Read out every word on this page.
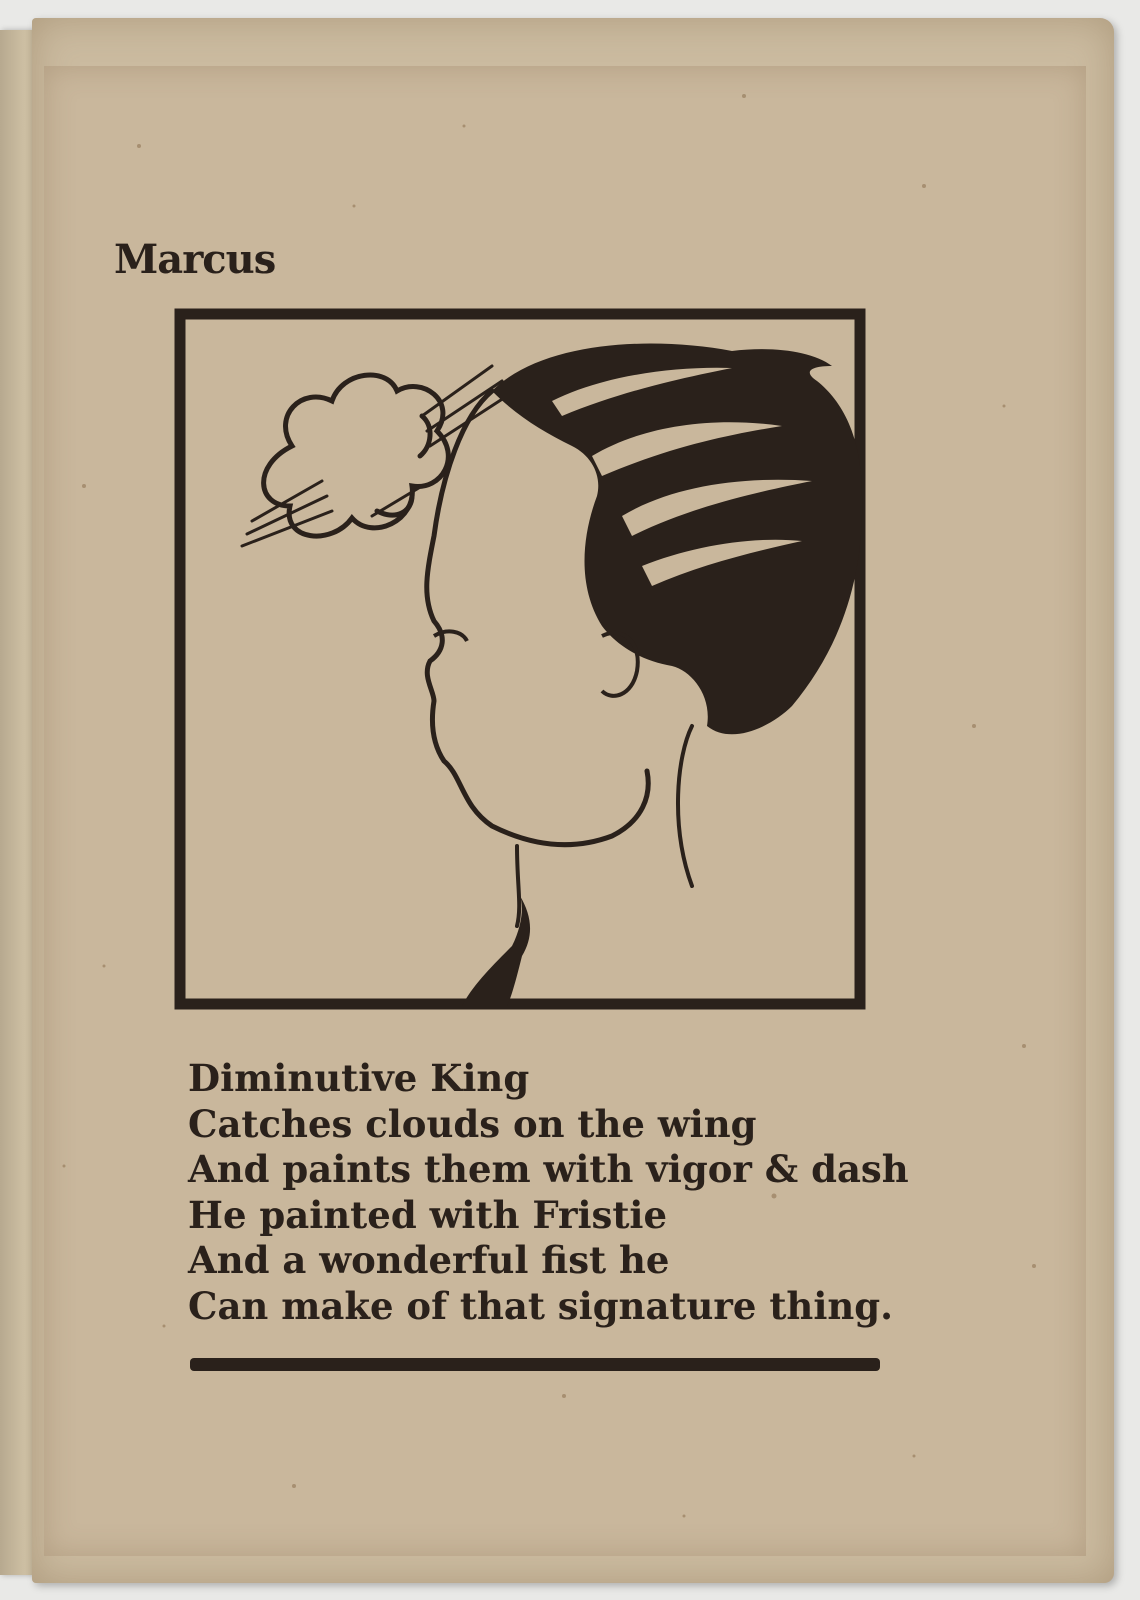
Marcus
Diminutive King
Catches clouds on the wing
And paints them with vigor & dash
He painted with Fristie
And a wonderful fist he
Can make of that signature thing.
